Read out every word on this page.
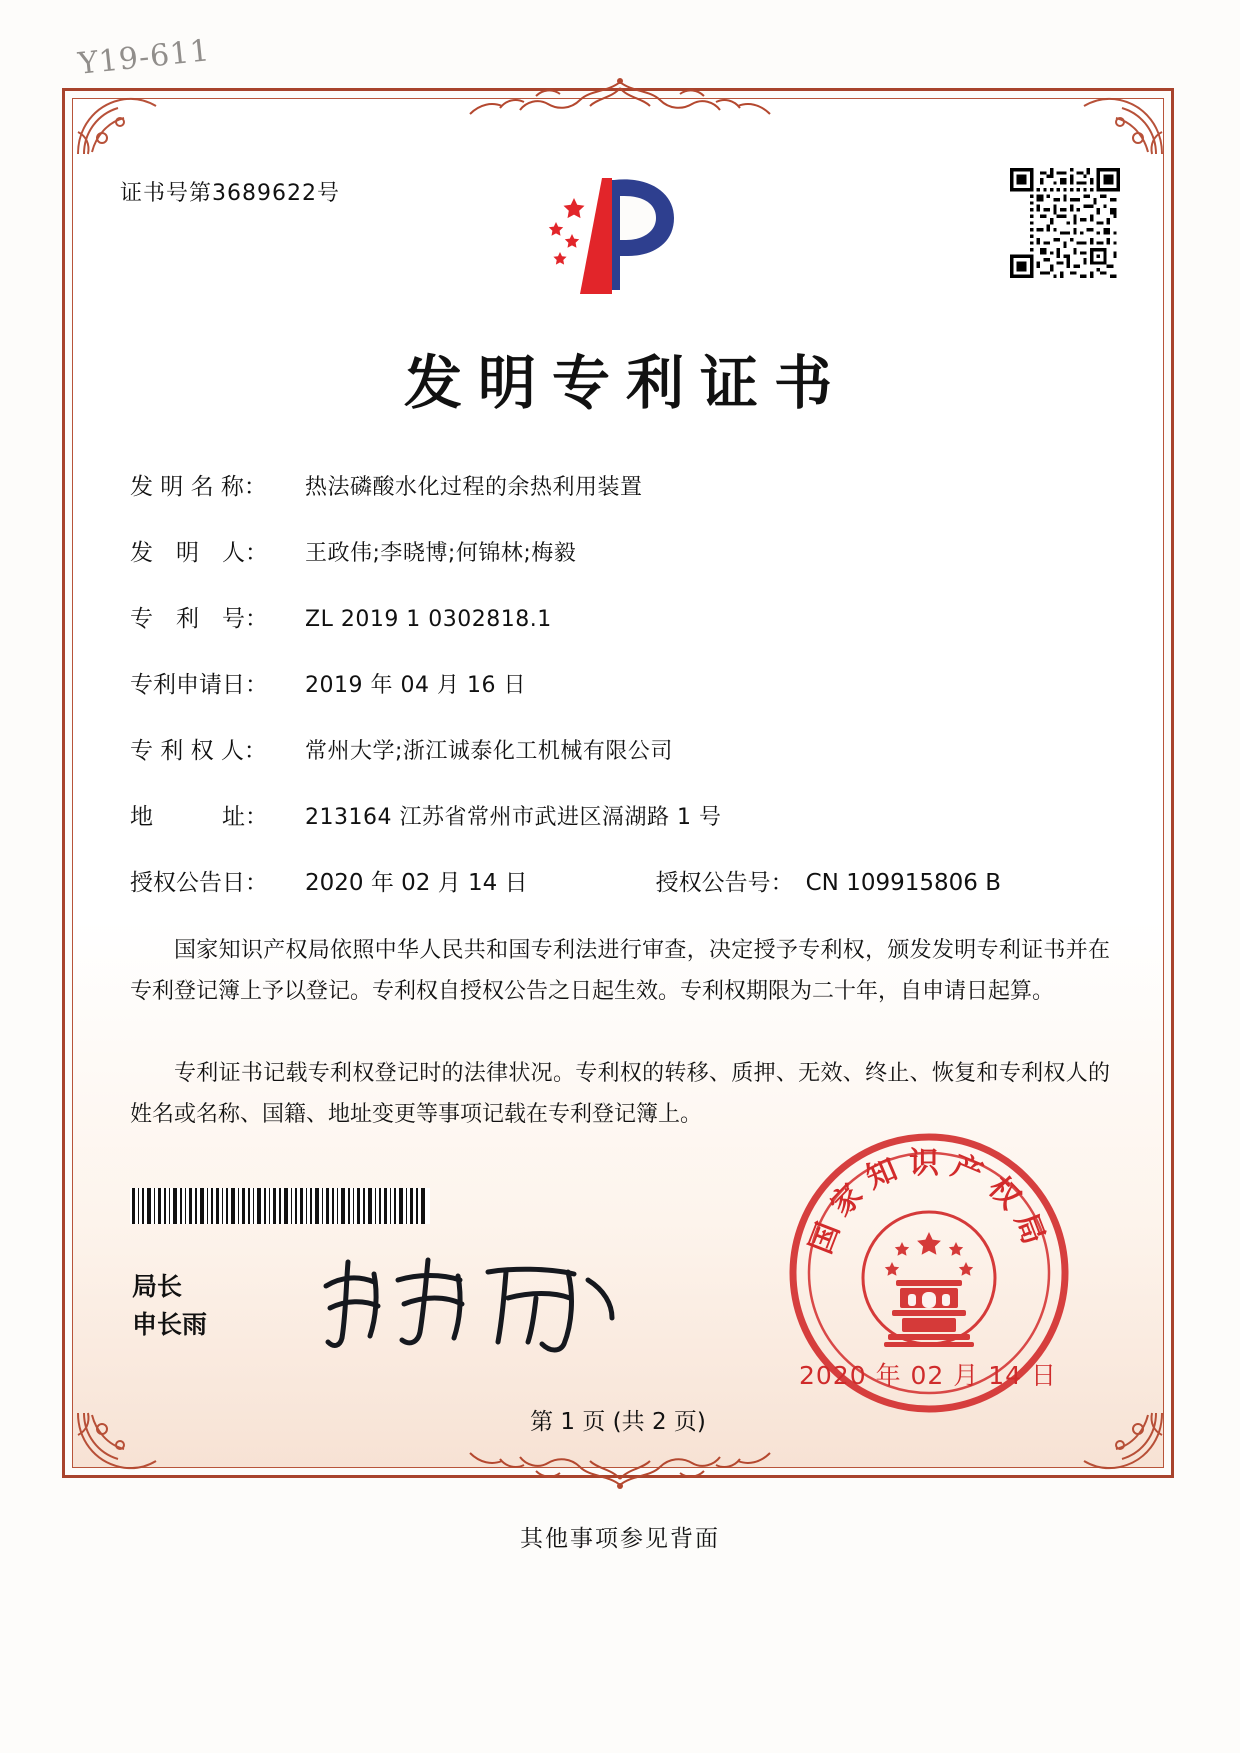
Y19-611
证书号第3689622号
发明专利证书
发 明 名 称：	热法磷酸水化过程的余热利用装置
发　明　人：	王政伟;李晓博;何锦林;梅毅
专　利　号：	ZL 2019 1 0302818.1
专利申请日：	2019 年 04 月 16 日
专 利 权 人：	常州大学;浙江诚泰化工机械有限公司
地　　　址：	213164 江苏省常州市武进区滆湖路 1 号
授权公告日：	2020 年 02 月 14 日	授权公告号： CN 109915806 B

国家知识产权局依照中华人民共和国专利法进行审查，决定授予专利权，颁发发明专利证书并在专利登记簿上予以登记。专利权自授权公告之日起生效。专利权期限为二十年，自申请日起算。

专利证书记载专利权登记时的法律状况。专利权的转移、质押、无效、终止、恢复和专利权人的姓名或名称、国籍、地址变更等事项记载在专利登记簿上。

局长
申长雨
国家知识产权局
2020 年 02 月 14 日
第 1 页 (共 2 页)
其他事项参见背面
